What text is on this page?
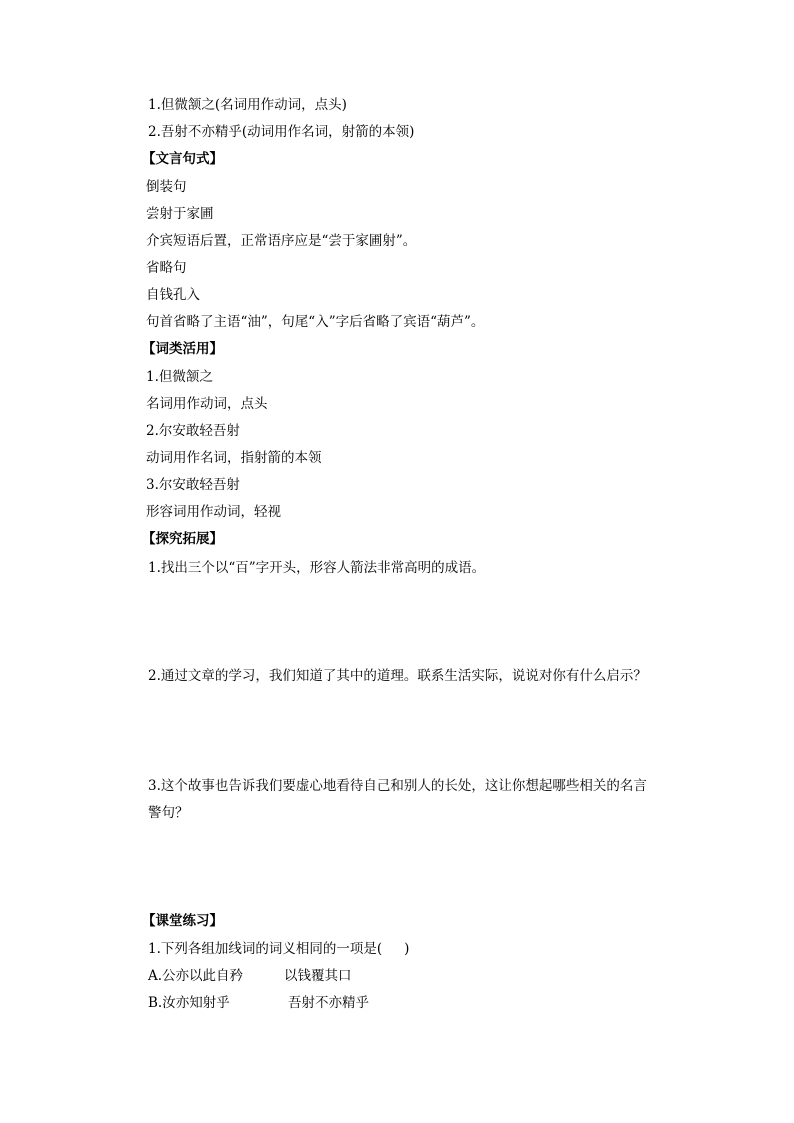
1.但微颔之(名词用作动词，点头)
2.吾射不亦精乎(动词用作名词，射箭的本领)
【文言句式】
倒装句
尝射于家圃
介宾短语后置，正常语序应是“尝于家圃射”。
省略句
自钱孔入
句首省略了主语“油”，句尾“入”字后省略了宾语“葫芦”。
【词类活用】
1.但微颔之
名词用作动词，点头
2.尔安敢轻吾射
动词用作名词，指射箭的本领
3.尔安敢轻吾射
形容词用作动词，轻视
【探究拓展】
1.找出三个以“百”字开头，形容人箭法非常高明的成语。
2.通过文章的学习，我们知道了其中的道理。联系生活实际，说说对你有什么启示？
3.这个故事也告诉我们要虚心地看待自己和别人的长处，这让你想起哪些相关的名言警句？
【课堂练习】
1.下列各组加线词的词义相同的一项是( )
A.公亦以此自矜	以钱覆其口
B.汝亦知射乎	吾射不亦精乎
